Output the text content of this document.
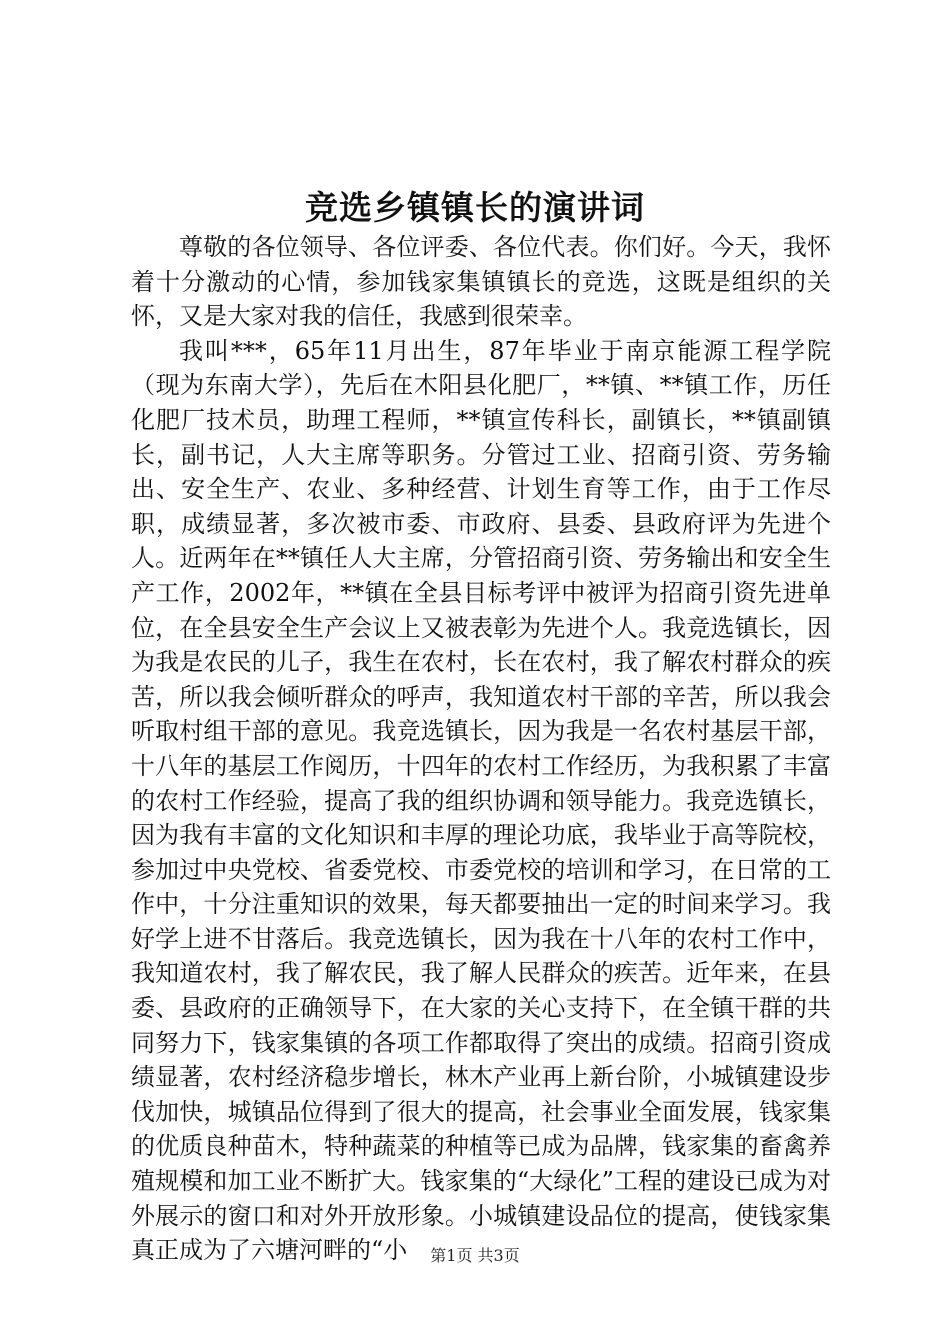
竞选乡镇镇长的演讲词

尊敬的各位领导、各位评委、各位代表。你们好。今天，我怀着十分激动的心情，参加钱家集镇镇长的竞选，这既是组织的关怀，又是大家对我的信任，我感到很荣幸。

我叫***，65年11月出生，87年毕业于南京能源工程学院（现为东南大学），先后在木阳县化肥厂，**镇、**镇工作，历任化肥厂技术员，助理工程师，**镇宣传科长，副镇长，**镇副镇长，副书记，人大主席等职务。分管过工业、招商引资、劳务输出、安全生产、农业、多种经营、计划生育等工作，由于工作尽职，成绩显著，多次被市委、市政府、县委、县政府评为先进个人。近两年在**镇任人大主席，分管招商引资、劳务输出和安全生产工作，2002年，**镇在全县目标考评中被评为招商引资先进单位，在全县安全生产会议上又被表彰为先进个人。我竞选镇长，因为我是农民的儿子，我生在农村，长在农村，我了解农村群众的疾苦，所以我会倾听群众的呼声，我知道农村干部的辛苦，所以我会听取村组干部的意见。我竞选镇长，因为我是一名农村基层干部，十八年的基层工作阅历，十四年的农村工作经历，为我积累了丰富的农村工作经验，提高了我的组织协调和领导能力。我竞选镇长，因为我有丰富的文化知识和丰厚的理论功底，我毕业于高等院校，参加过中央党校、省委党校、市委党校的培训和学习，在日常的工作中，十分注重知识的效果，每天都要抽出一定的时间来学习。我好学上进不甘落后。我竞选镇长，因为我在十八年的农村工作中，我知道农村，我了解农民，我了解人民群众的疾苦。近年来，在县委、县政府的正确领导下，在大家的关心支持下，在全镇干群的共同努力下，钱家集镇的各项工作都取得了突出的成绩。招商引资成绩显著，农村经济稳步增长，林木产业再上新台阶，小城镇建设步伐加快，城镇品位得到了很大的提高，社会事业全面发展，钱家集的优质良种苗木，特种蔬菜的种植等已成为品牌，钱家集的畜禽养殖规模和加工业不断扩大。钱家集的“大绿化”工程的建设已成为对外展示的窗口和对外开放形象。小城镇建设品位的提高，使钱家集真正成为了六塘河畔的“小	第1页 共3页
